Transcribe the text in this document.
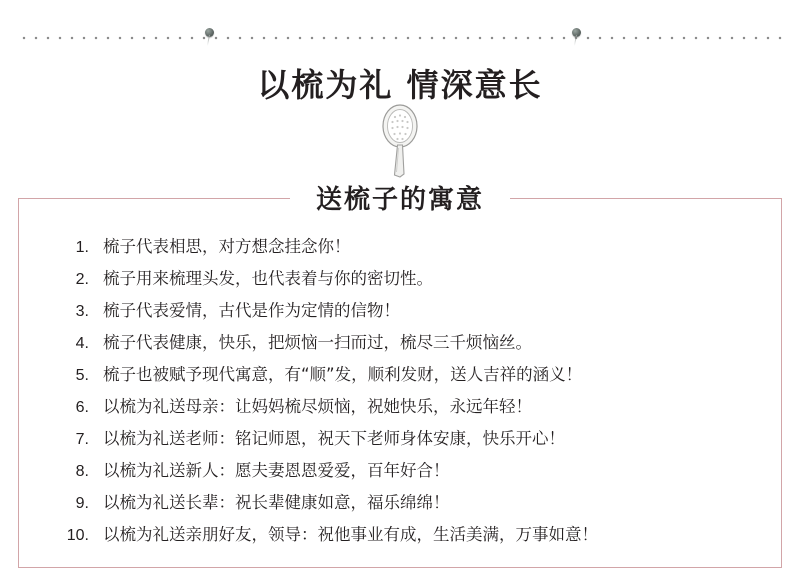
以梳为礼 情深意长
送梳子的寓意
1. 梳子代表相思，对方想念挂念你！
2. 梳子用来梳理头发，也代表着与你的密切性。
3. 梳子代表爱情，古代是作为定情的信物！
4. 梳子代表健康，快乐，把烦恼一扫而过，梳尽三千烦恼丝。
5. 梳子也被赋予现代寓意，有“顺”发，顺利发财，送人吉祥的涵义！
6. 以梳为礼送母亲：让妈妈梳尽烦恼，祝她快乐，永远年轻！
7. 以梳为礼送老师：铭记师恩，祝天下老师身体安康，快乐开心！
8. 以梳为礼送新人：愿夫妻恩恩爱爱，百年好合！
9. 以梳为礼送长辈：祝长辈健康如意，福乐绵绵！
10. 以梳为礼送亲朋好友，领导：祝他事业有成，生活美满，万事如意！
